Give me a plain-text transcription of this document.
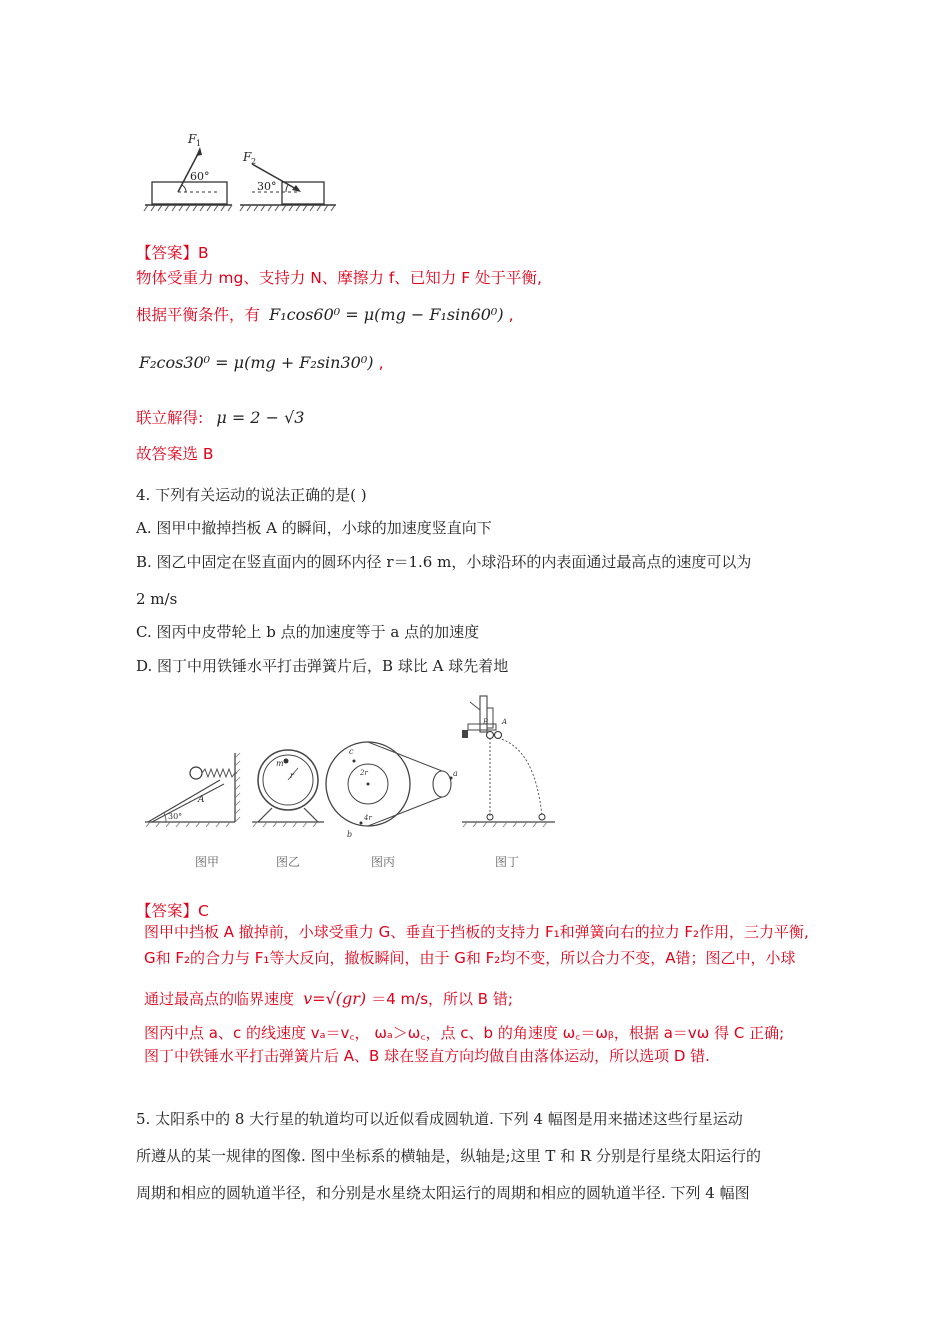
F 1
60°
F 2
30°
【答案】B
物体受重力 mg、支持力 N、摩擦力 f、已知力 F 处于平衡,
根据平衡条件，有 F₁cos60⁰ = μ(mg − F₁sin60⁰) ,
F₂cos30⁰ = μ(mg + F₂sin30⁰) ,
联立解得: μ = 2 − √3
故答案选 B
4. 下列有关运动的说法正确的是( )
A. 图甲中撤掉挡板 A 的瞬间，小球的加速度竖直向下
B. 图乙中固定在竖直面内的圆环内径 r＝1.6 m，小球沿环的内表面通过最高点的速度可以为
2 m/s
C. 图丙中皮带轮上 b 点的加速度等于 a 点的加速度
D. 图丁中用铁锤水平打击弹簧片后，B 球比 A 球先着地
A
30°
m
r
c
2r
4r
b
a
B A
图甲	图乙	图丙	图丁
【答案】C
图甲中挡板 A 撤掉前，小球受重力 G、垂直于挡板的支持力 F₁和弹簧向右的拉力 F₂作用，三力平衡,
G和 F₂的合力与 F₁等大反向，撤板瞬间，由于 G和 F₂均不变，所以合力不变，A错；图乙中，小球
通过最高点的临界速度 v=√(gr) ＝4 m/s，所以 B 错;
图丙中点 a、c 的线速度 vₐ＝v꜀， ωₐ＞ω꜀，点 c、b 的角速度 ω꜀＝ωᵦ，根据 a＝vω 得 C 正确;
图丁中铁锤水平打击弹簧片后 A、B 球在竖直方向均做自由落体运动，所以选项 D 错.
5. 太阳系中的 8 大行星的轨道均可以近似看成圆轨道. 下列 4 幅图是用来描述这些行星运动
所遵从的某一规律的图像. 图中坐标系的横轴是，纵轴是;这里 T 和 R 分别是行星绕太阳运行的
周期和相应的圆轨道半径，和分别是水星绕太阳运行的周期和相应的圆轨道半径. 下列 4 幅图
